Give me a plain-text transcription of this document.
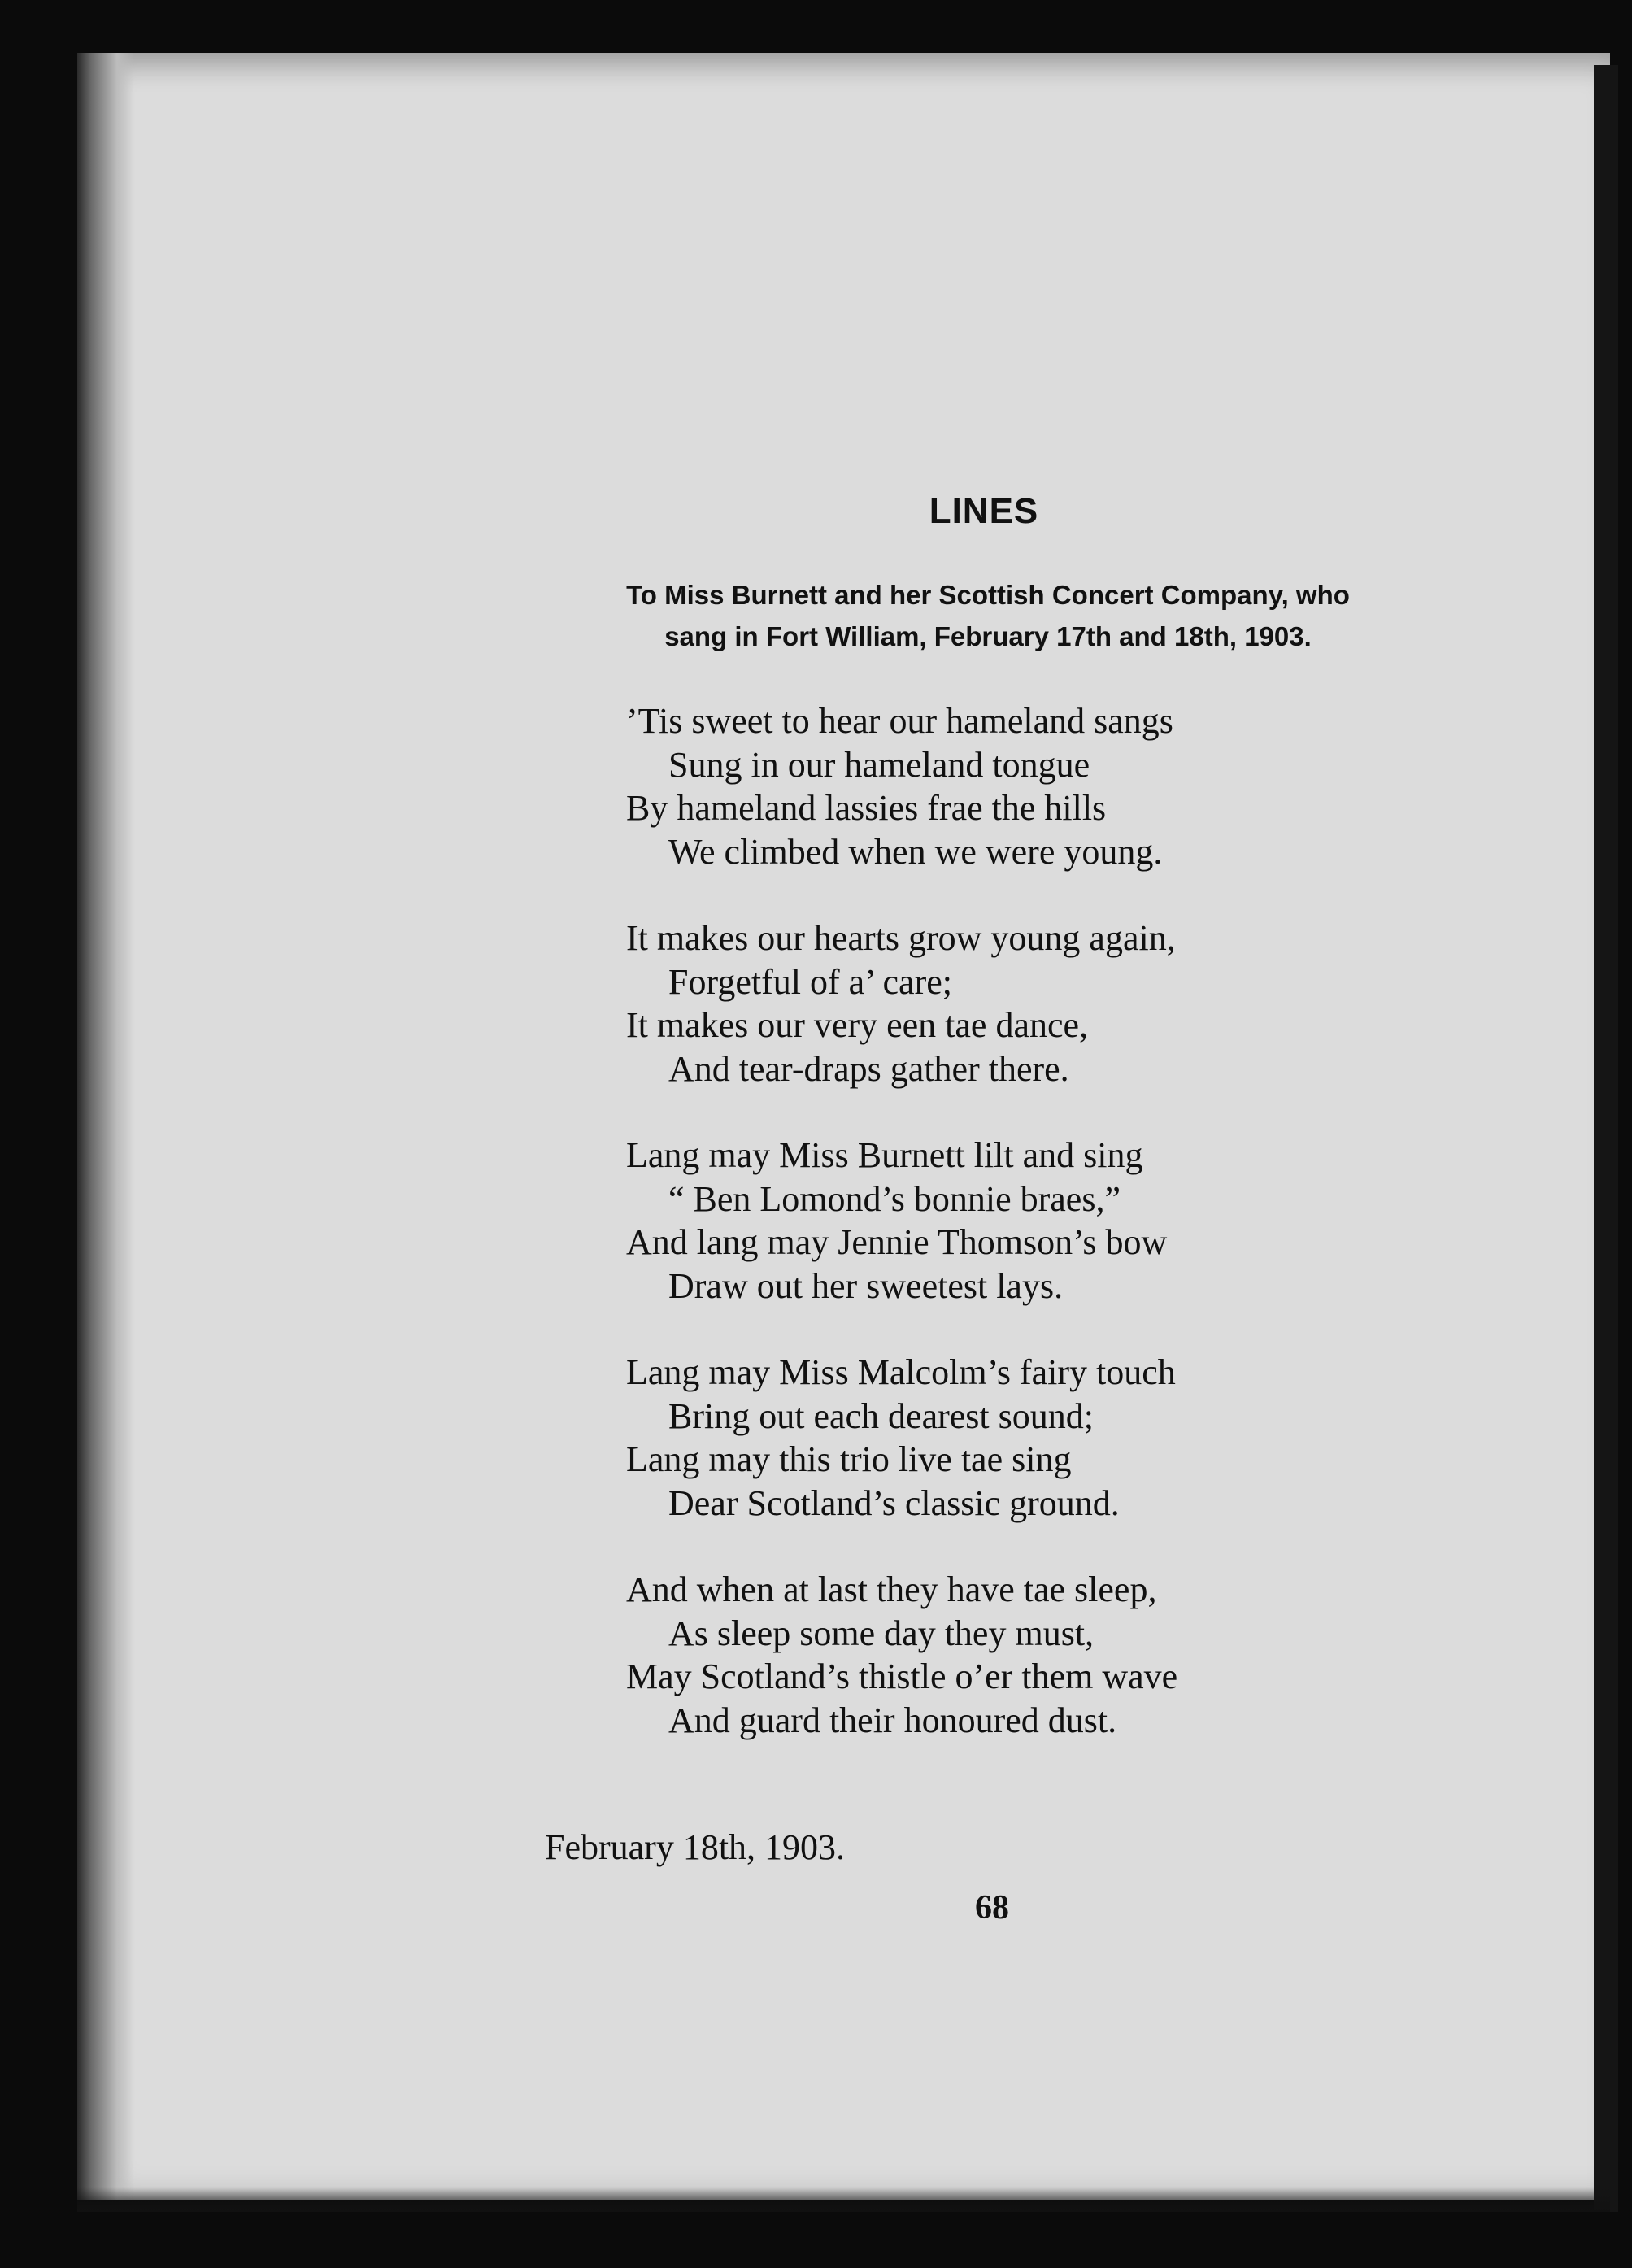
LINES
To Miss Burnett and her Scottish Concert Company, who
sang in Fort William, February 17th and 18th, 1903.
’Tis sweet to hear our hameland sangs
Sung in our hameland tongue
By hameland lassies frae the hills
We climbed when we were young.
It makes our hearts grow young again,
Forgetful of a’ care;
It makes our very een tae dance,
And tear-draps gather there.
Lang may Miss Burnett lilt and sing
“ Ben Lomond’s bonnie braes,”
And lang may Jennie Thomson’s bow
Draw out her sweetest lays.
Lang may Miss Malcolm’s fairy touch
Bring out each dearest sound;
Lang may this trio live tae sing
Dear Scotland’s classic ground.
And when at last they have tae sleep,
As sleep some day they must,
May Scotland’s thistle o’er them wave
And guard their honoured dust.
February 18th, 1903.
68
